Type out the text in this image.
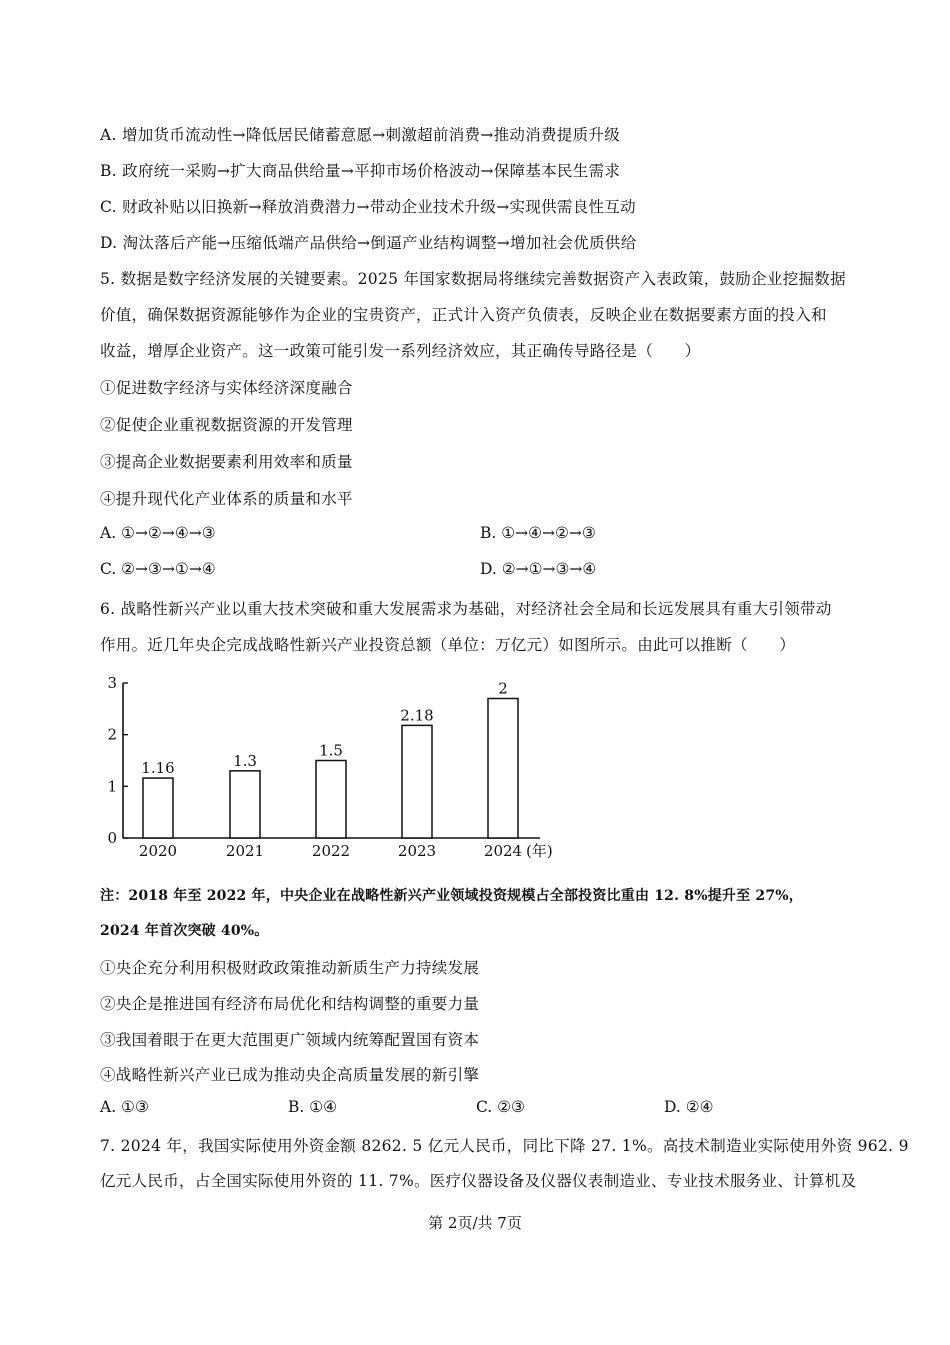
A. 增加货币流动性→降低居民储蓄意愿→刺激超前消费→推动消费提质升级
B. 政府统一采购→扩大商品供给量→平抑市场价格波动→保障基本民生需求
C. 财政补贴以旧换新→释放消费潜力→带动企业技术升级→实现供需良性互动
D. 淘汰落后产能→压缩低端产品供给→倒逼产业结构调整→增加社会优质供给
5. 数据是数字经济发展的关键要素。2025 年国家数据局将继续完善数据资产入表政策，鼓励企业挖掘数据
价值，确保数据资源能够作为企业的宝贵资产，正式计入资产负债表，反映企业在数据要素方面的投入和
收益，增厚企业资产。这一政策可能引发一系列经济效应，其正确传导路径是（　　）
①促进数字经济与实体经济深度融合
②促使企业重视数据资源的开发管理
③提高企业数据要素利用效率和质量
④提升现代化产业体系的质量和水平
A. ①→②→④→③	B. ①→④→②→③
C. ②→③→①→④	D. ②→①→③→④
6. 战略性新兴产业以重大技术突破和重大发展需求为基础，对经济社会全局和长远发展具有重大引领带动
作用。近几年央企完成战略性新兴产业投资总额（单位：万亿元）如图所示。由此可以推断（　　）
0
1
2
3
1.16
2020
1.3
2021
1.5
2022
2.18
2023
2
2024 (年)
注：2018 年至 2022 年，中央企业在战略性新兴产业领域投资规模占全部投资比重由 12. 8%提升至 27%，
2024 年首次突破 40%。
①央企充分利用积极财政政策推动新质生产力持续发展
②央企是推进国有经济布局优化和结构调整的重要力量
③我国着眼于在更大范围更广领域内统筹配置国有资本
④战略性新兴产业已成为推动央企高质量发展的新引擎
A. ①③	B. ①④	C. ②③	D. ②④
7. 2024 年，我国实际使用外资金额 8262. 5 亿元人民币，同比下降 27. 1%。高技术制造业实际使用外资 962. 9
亿元人民币，占全国实际使用外资的 11. 7%。医疗仪器设备及仪器仪表制造业、专业技术服务业、计算机及
第 2页/共 7页
